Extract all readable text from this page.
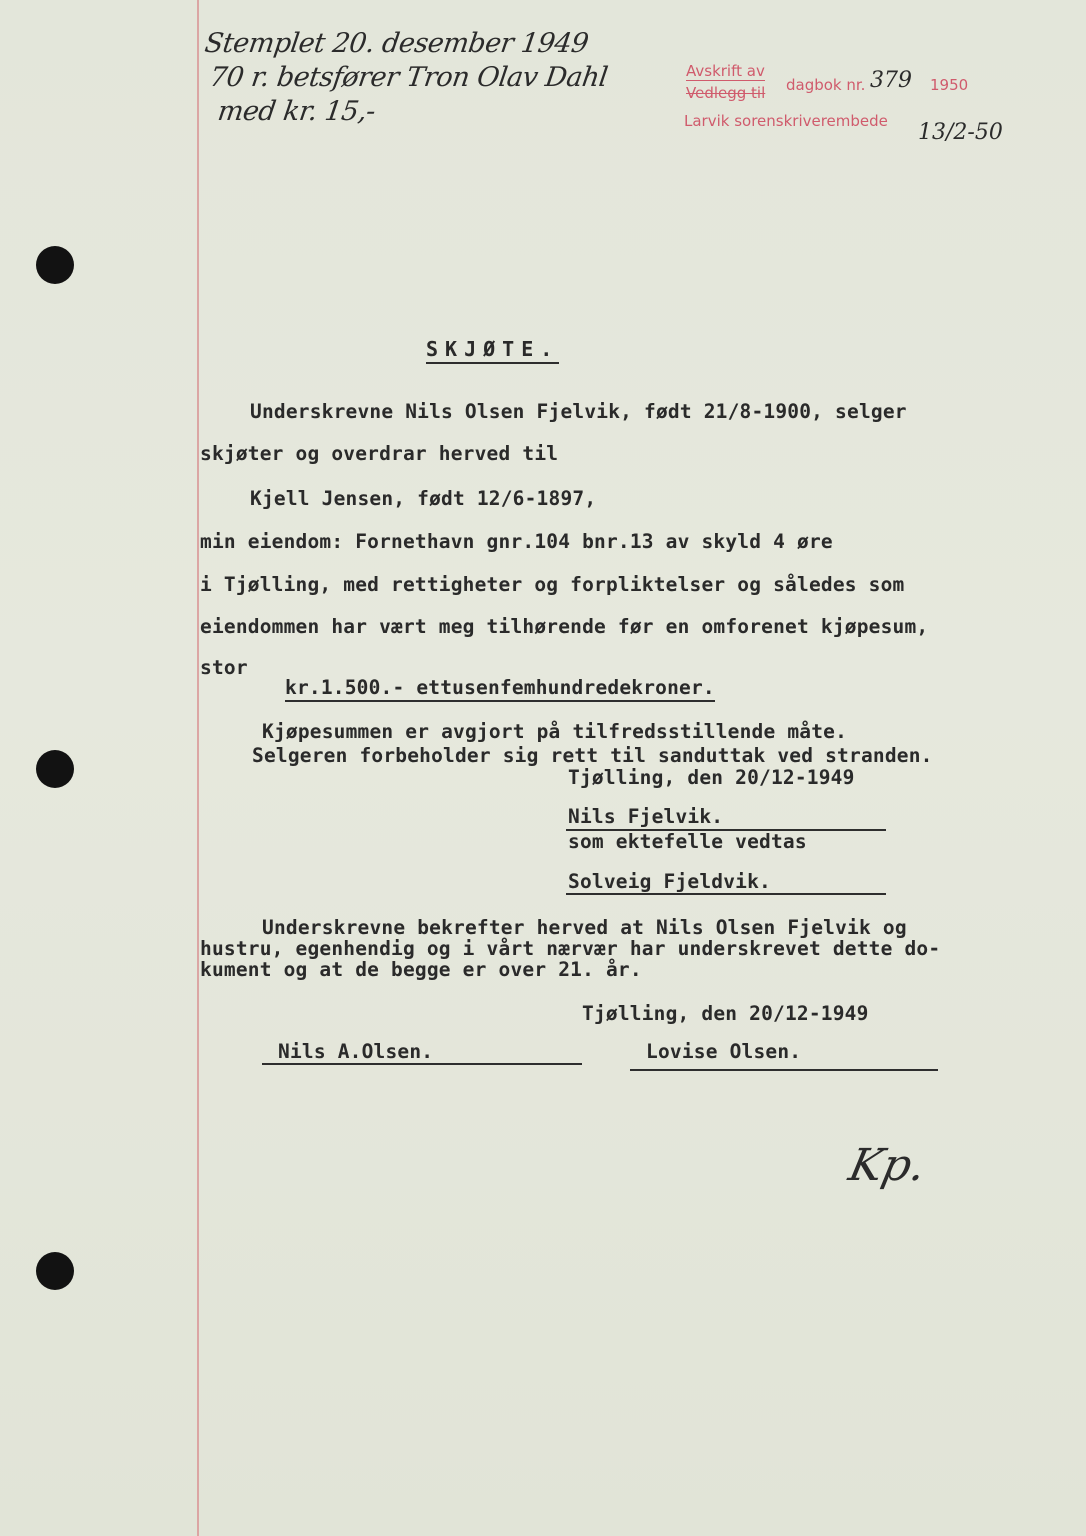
Stemplet 20. desember 1949
70 r. betsfører Tron Olav Dahl
med kr. 15,-
Avskrift av
Vedlegg til dagbok nr. 379 1950
Larvik sorenskriverembede 13/2-50
SKJØTE.
Underskrevne Nils Olsen Fjelvik, født 21/8-1900, selger
skjøter og overdrar herved til
Kjell Jensen, født 12/6-1897,
min eiendom: Fornethavn gnr.104 bnr.13 av skyld 4 øre
i Tjølling, med rettigheter og forpliktelser og således som
eiendommen har vært meg tilhørende før en omforenet kjøpesum,
stor
kr.1.500.- ettusenfemhundredekroner.
Kjøpesummen er avgjort på tilfredsstillende måte.
Selgeren forbeholder sig rett til sanduttak ved stranden.
Tjølling, den 20/12-1949
Nils Fjelvik.
som ektefelle vedtas
Solveig Fjeldvik.
Underskrevne bekrefter herved at Nils Olsen Fjelvik og
hustru, egenhendig og i vårt nærvær har underskrevet dette do-
kument og at de begge er over 21. år.
Tjølling, den 20/12-1949
Nils A.Olsen.	Lovise Olsen.
Kp.
